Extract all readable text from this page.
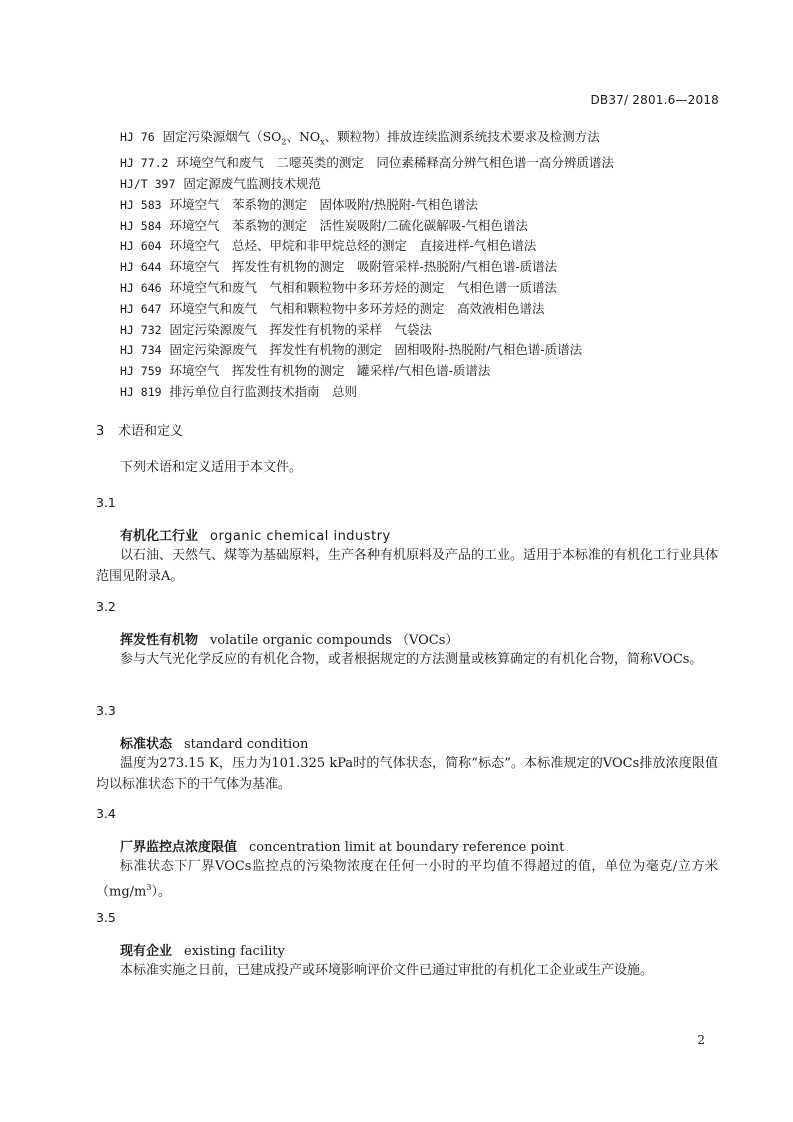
DB37/ 2801.6—2018
HJ 76 固定污染源烟气（$SO_2$、$NO_x$、颗粒物）排放连续监测系统技术要求及检测方法
HJ 77.2 环境空气和废气　二噁英类的测定　同位素稀释高分辨气相色谱一高分辨质谱法
HJ/T 397 固定源废气监测技术规范
HJ 583 环境空气　苯系物的测定　固体吸附/热脱附-气相色谱法
HJ 584 环境空气　苯系物的测定　活性炭吸附/二硫化碳解吸-气相色谱法
HJ 604 环境空气　总烃、甲烷和非甲烷总烃的测定　直接进样-气相色谱法
HJ 644 环境空气　挥发性有机物的测定　吸附管采样-热脱附/气相色谱-质谱法
HJ 646 环境空气和废气　气相和颗粒物中多环芳烃的测定　气相色谱一质谱法
HJ 647 环境空气和废气　气相和颗粒物中多环芳烃的测定　高效液相色谱法
HJ 732 固定污染源废气　挥发性有机物的采样　气袋法
HJ 734 固定污染源废气　挥发性有机物的测定　固相吸附-热脱附/气相色谱-质谱法
HJ 759 环境空气　挥发性有机物的测定　罐采样/气相色谱-质谱法
HJ 819 排污单位自行监测技术指南　总则
3 术语和定义
下列术语和定义适用于本文件。
3.1
有机化工行业 organic chemical industry
以石油、天然气、煤等为基础原料，生产各种有机原料及产品的工业。适用于本标准的有机化工行业具体范围见附录A。
3.2
挥发性有机物 volatile organic compounds （VOCs）
参与大气光化学反应的有机化合物，或者根据规定的方法测量或核算确定的有机化合物，简称VOCs。
3.3
标准状态 standard condition
温度为273.15 K，压力为101.325 kPa时的气体状态，简称“标态”。本标准规定的VOCs排放浓度限值均以标准状态下的干气体为基准。
3.4
厂界监控点浓度限值 concentration limit at boundary reference point
标准状态下厂界VOCs监控点的污染物浓度在任何一小时的平均值不得超过的值，单位为毫克/立方米$(mg/m^3)$。
3.5
现有企业 existing facility
本标准实施之日前，已建成投产或环境影响评价文件已通过审批的有机化工企业或生产设施。
2
